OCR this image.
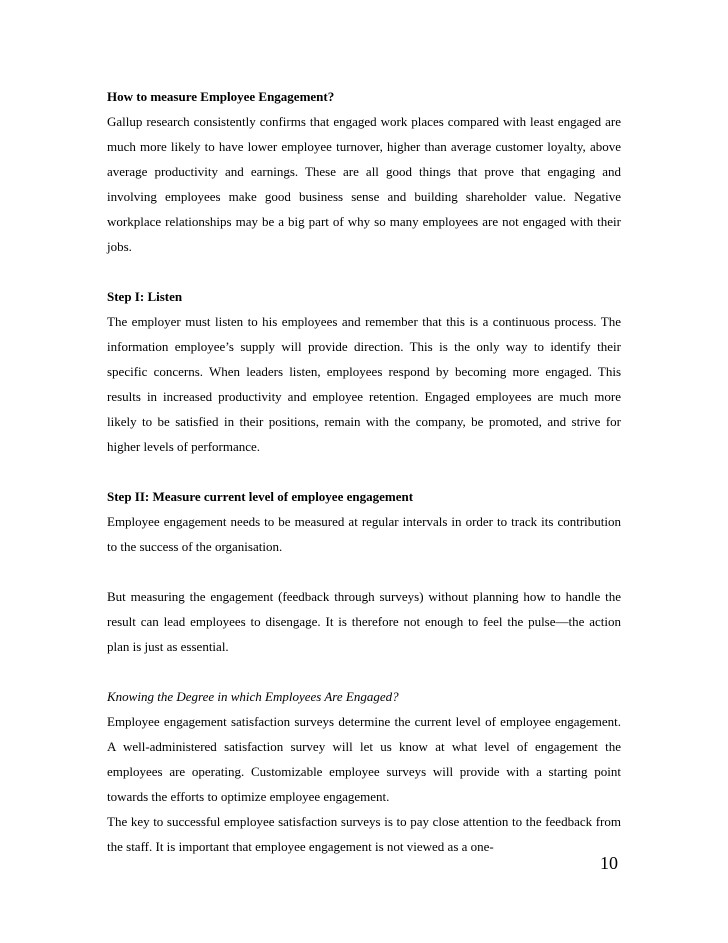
How to measure Employee Engagement?

Gallup research consistently confirms that engaged work places compared with least engaged are much more likely to have lower employee turnover, higher than average customer loyalty, above average productivity and earnings. These are all good things that prove that engaging and involving employees make good business sense and building shareholder value. Negative workplace relationships may be a big part of why so many employees are not engaged with their jobs.

Step I: Listen

The employer must listen to his employees and remember that this is a continuous process. The information employee’s supply will provide direction. This is the only way to identify their specific concerns. When leaders listen, employees respond by becoming more engaged. This results in increased productivity and employee retention. Engaged employees are much more likely to be satisfied in their positions, remain with the company, be promoted, and strive for higher levels of performance.

Step II: Measure current level of employee engagement

Employee engagement needs to be measured at regular intervals in order to track its contribution to the success of the organisation.

But measuring the engagement (feedback through surveys) without planning how to handle the result can lead employees to disengage. It is therefore not enough to feel the pulse—the action plan is just as essential.

Knowing the Degree in which Employees Are Engaged?

Employee engagement satisfaction surveys determine the current level of employee engagement. A well-administered satisfaction survey will let us know at what level of engagement the employees are operating. Customizable employee surveys will provide with a starting point towards the efforts to optimize employee engagement.

The key to successful employee satisfaction surveys is to pay close attention to the feedback from the staff. It is important that employee engagement is not viewed as a one-

10
